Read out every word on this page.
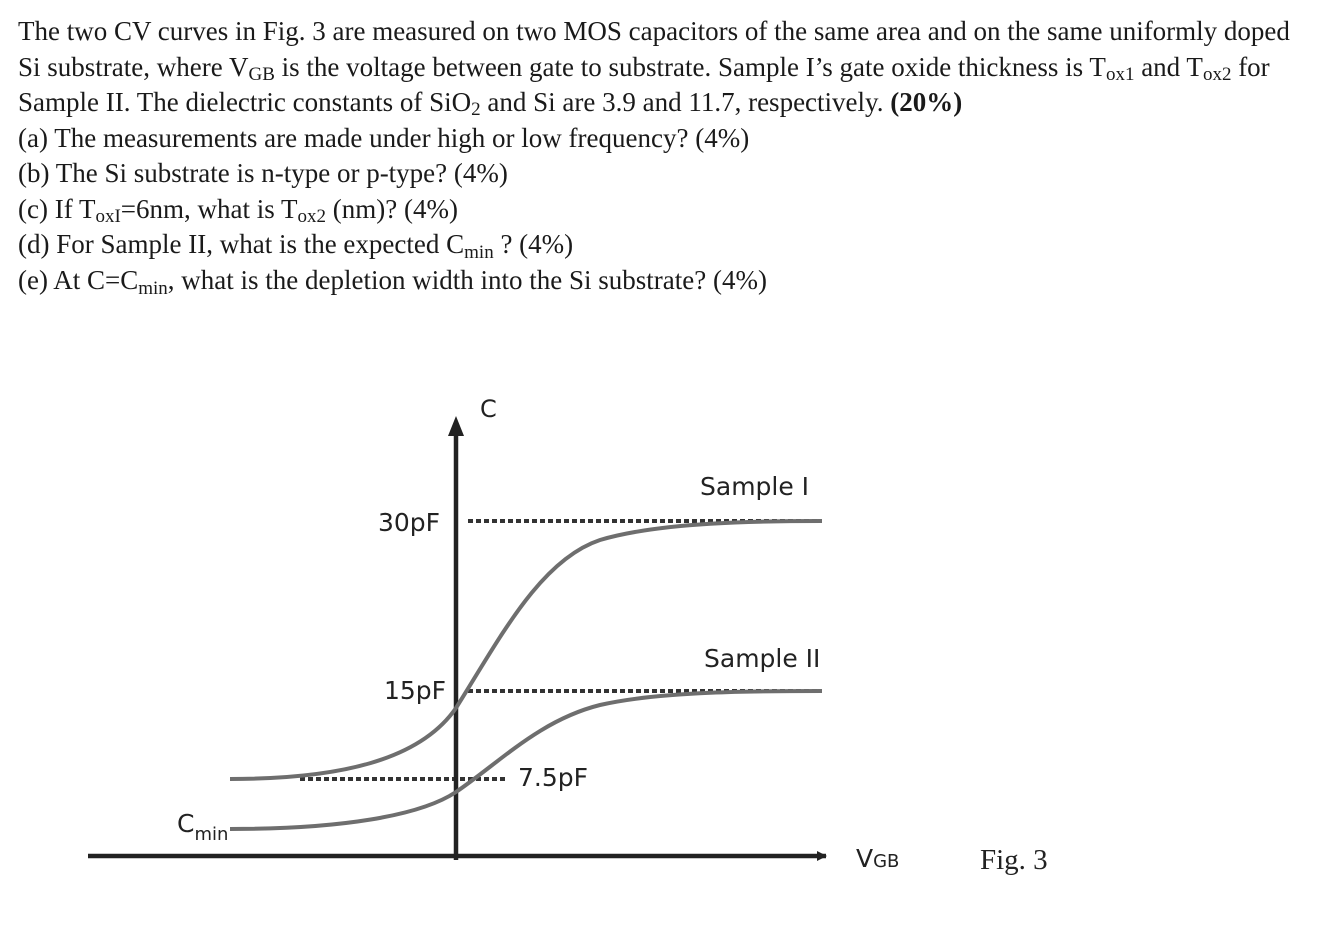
The two CV curves in Fig. 3 are measured on two MOS capacitors of the same area and on the same uniformly doped Si substrate, where $V_{GB}$ is the voltage between gate to substrate. Sample I’s gate oxide thickness is $T_{ox1}$ and $T_{ox2}$ for Sample II. The dielectric constants of SiO$_2$ and Si are 3.9 and 11.7, respectively. (20%)

(a) The measurements are made under high or low frequency? (4%)

(b) The Si substrate is n-type or p-type? (4%)

(c) If $T_{oxI}=6nm$, what is $T_{ox2}$ (nm)? (4%)

(d) For Sample II, what is the expected Cmin ? (4%)

(e) At C=Cmin, what is the depletion width into the Si substrate? (4%)

C
30pF
15pF
7.5pF
Sample I
Sample II
$C_{min}$
VGB	Fig. 3
